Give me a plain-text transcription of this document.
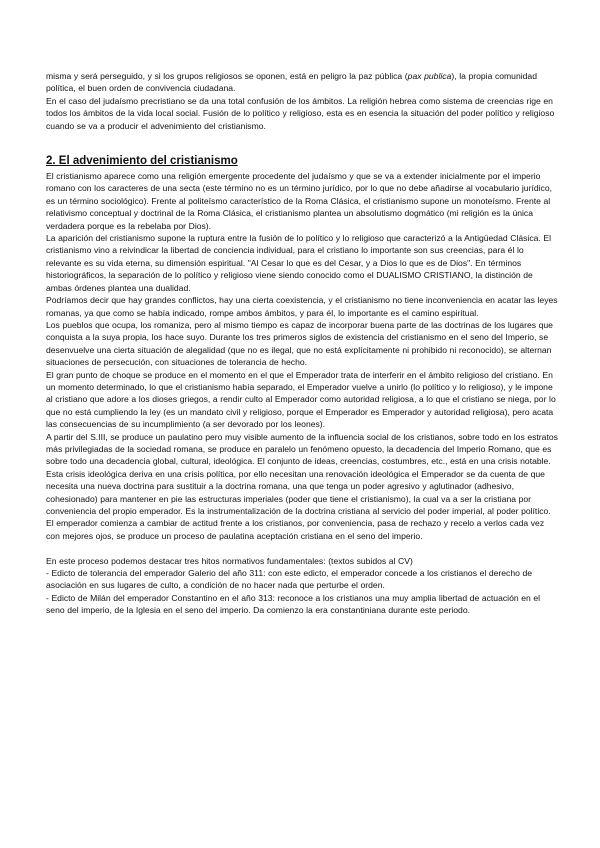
misma y será perseguido, y si los grupos religiosos se oponen, está en peligro la paz pública (pax publica), la propia comunidad política, el buen orden de convivencia ciudadana.

En el caso del judaísmo precristiano se da una total confusión de los ámbitos. La religión hebrea como sistema de creencias rige en todos los ámbitos de la vida local social. Fusión de lo político y religioso, esta es en esencia la situación del poder político y religioso cuando se va a producir el advenimiento del cristianismo.

2. El advenimiento del cristianismo

El cristianismo aparece como una religión emergente procedente del judaísmo y que se va a extender inicialmente por el imperio romano con los caracteres de una secta (este término no es un término jurídico, por lo que no debe añadirse al vocabulario jurídico, es un término sociológico). Frente al politeísmo característico de la Roma Clásica, el cristianismo supone un monoteísmo. Frente al relativismo conceptual y doctrinal de la Roma Clásica, el cristianismo plantea un absolutismo dogmático (mi religión es la única verdadera porque es la rebelaba por Dios).

La aparición del cristianismo supone la ruptura entre la fusión de lo político y lo religioso que caracterizó a la Antigüedad Clásica. El cristianismo vino a reivindicar la libertad de conciencia individual, para el cristiano lo importante son sus creencias, para él lo relevante es su vida eterna, su dimensión espiritual. "Al Cesar lo que es del Cesar, y a Dios lo que es de Dios". En términos historiográficos, la separación de lo político y religioso viene siendo conocido como el DUALISMO CRISTIANO, la distinción de ambas órdenes plantea una dualidad.

Podríamos decir que hay grandes conflictos, hay una cierta coexistencia, y el cristianismo no tiene inconveniencia en acatar las leyes romanas, ya que como se había indicado, rompe ambos ámbitos, y para él, lo importante es el camino espiritual.

Los pueblos que ocupa, los romaniza, pero al mismo tiempo es capaz de incorporar buena parte de las doctrinas de los lugares que conquista a la suya propia, los hace suyo. Durante los tres primeros siglos de existencia del cristianismo en el seno del Imperio, se desenvuelve una cierta situación de alegalidad (que no es ilegal, que no está explícitamente ni prohibido ni reconocido), se alternan situaciones de persecución, con situaciones de tolerancia de hecho.

El gran punto de choque se produce en el momento en el que el Emperador trata de interferir en el ámbito religioso del cristiano. En un momento determinado, lo que el cristianismo había separado, el Emperador vuelve a unirlo (lo político y lo religioso), y le impone al cristiano que adore a los dioses griegos, a rendir culto al Emperador como autoridad religiosa, a lo que el cristiano se niega, por lo que no está cumpliendo la ley (es un mandato civil y religioso, porque el Emperador es Emperador y autoridad religiosa), pero acata las consecuencias de su incumplimiento (a ser devorado por los leones).

A partir del S.III, se produce un paulatino pero muy visible aumento de la influencia social de los cristianos, sobre todo en los estratos más privilegiadas de la sociedad romana, se produce en paralelo un fenómeno opuesto, la decadencia del Imperio Romano, que es sobre todo una decadencia global, cultural, ideológica. El conjunto de ideas, creencias, costumbres, etc., está en una crisis notable. Esta crisis ideológica deriva en una crisis política, por ello necesitan una renovación ideológica el Emperador se da cuenta de que necesita una nueva doctrina para sustituir a la doctrina romana, una que tenga un poder agresivo y aglutinador (adhesivo, cohesionado) para mantener en pie las estructuras imperiales (poder que tiene el cristianismo), la cual va a ser la cristiana por conveniencia del propio emperador. Es la instrumentalización de la doctrina cristiana al servicio del poder imperial, al poder político.

El emperador comienza a cambiar de actitud frente a los cristianos, por conveniencia, pasa de rechazo y recelo a verlos cada vez con mejores ojos, se produce un proceso de paulatina aceptación cristiana en el seno del imperio.

En este proceso podemos destacar tres hitos normativos fundamentales: (textos subidos al CV)

- Edicto de tolerancia del emperador Galerio del año 311: con este edicto, el emperador concede a los cristianos el derecho de asociación en sus lugares de culto, a condición de no hacer nada que perturbe el orden.

- Edicto de Milán del emperador Constantino en el año 313: reconoce a los cristianos una muy amplia libertad de actuación en el seno del imperio, de la Iglesia en el seno del imperio. Da comienzo la era constantiniana durante este periodo.
